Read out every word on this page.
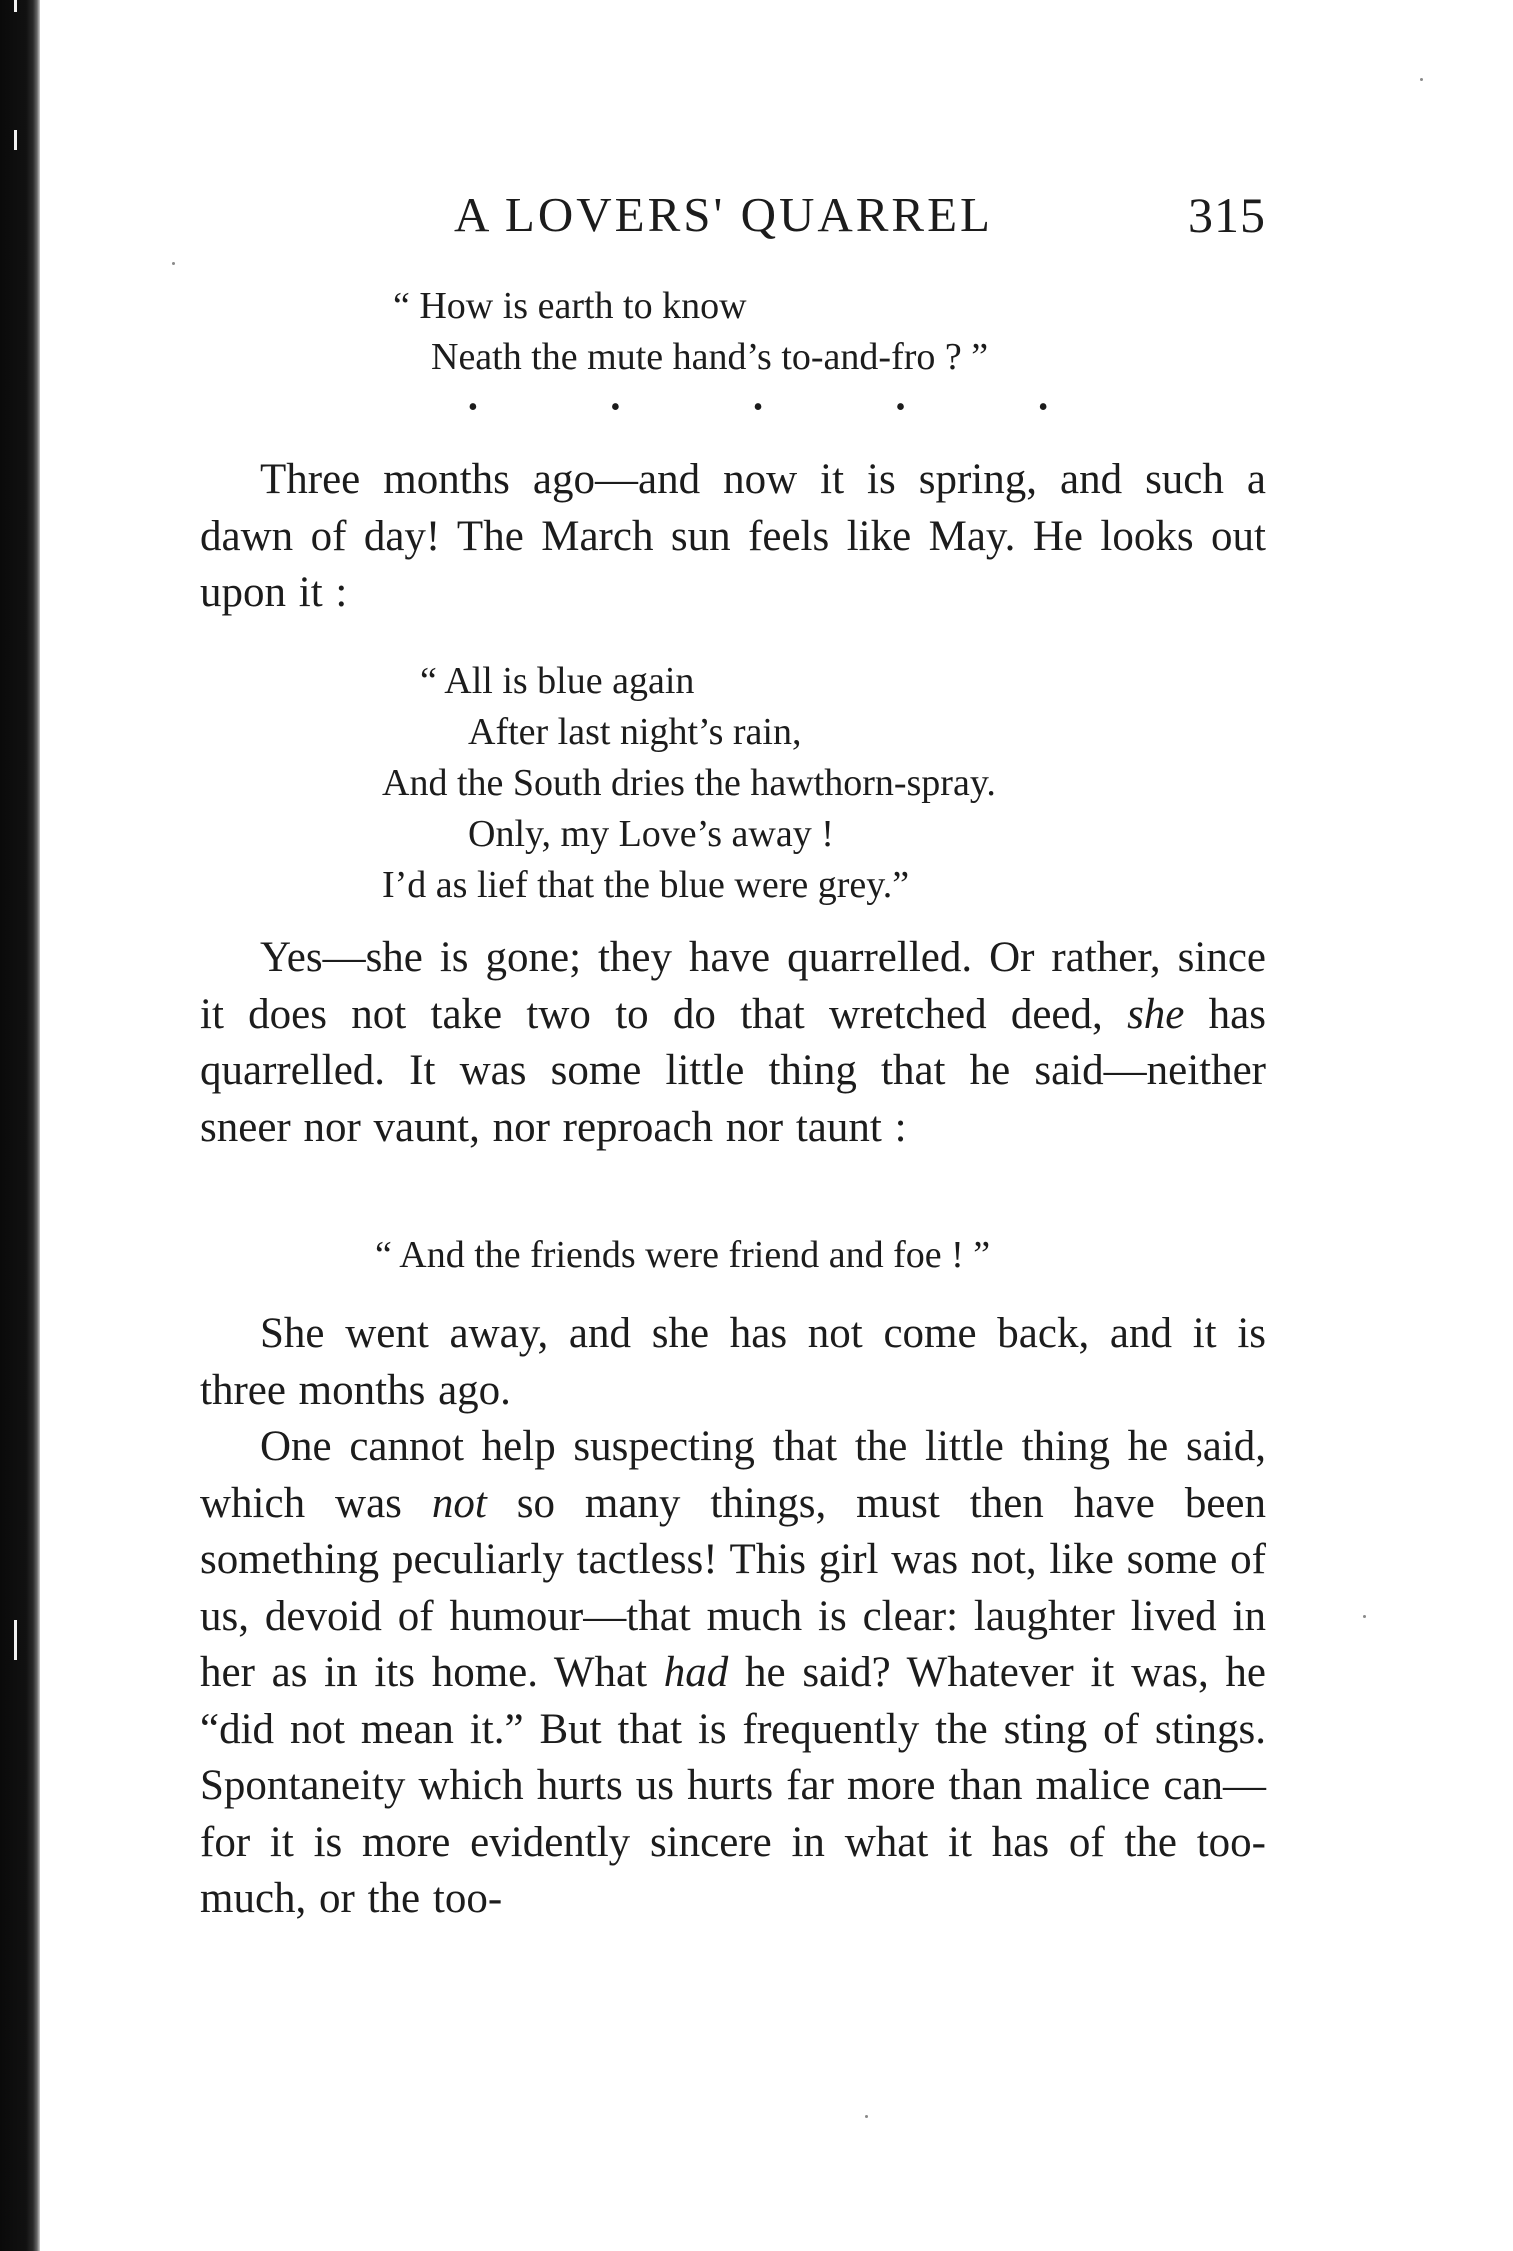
A LOVERS' QUARREL	315
“ How is earth to know
Neath the mute hand’s to-and-fro ? ”
•	•	•	•	•

Three months ago—and now it is spring, and such a dawn of day! The March sun feels like May. He looks out upon it :

“ All is blue again
After last night’s rain,
And the South dries the hawthorn-spray.
Only, my Love’s away !
I’d as lief that the blue were grey.”

Yes—she is gone; they have quarrelled. Or rather, since it does not take two to do that wretched deed, she has quarrelled. It was some little thing that he said—neither sneer nor vaunt, nor reproach nor taunt :

“ And the friends were friend and foe ! ”

She went away, and she has not come back, and it is three months ago.

One cannot help suspecting that the little thing he said, which was not so many things, must then have been something peculiarly tactless! This girl was not, like some of us, devoid of humour—that much is clear: laughter lived in her as in its home. What had he said? Whatever it was, he “did not mean it.” But that is frequently the sting of stings. Spontaneity which hurts us hurts far more than malice can—for it is more evidently sincere in what it has of the too-much, or the too-
